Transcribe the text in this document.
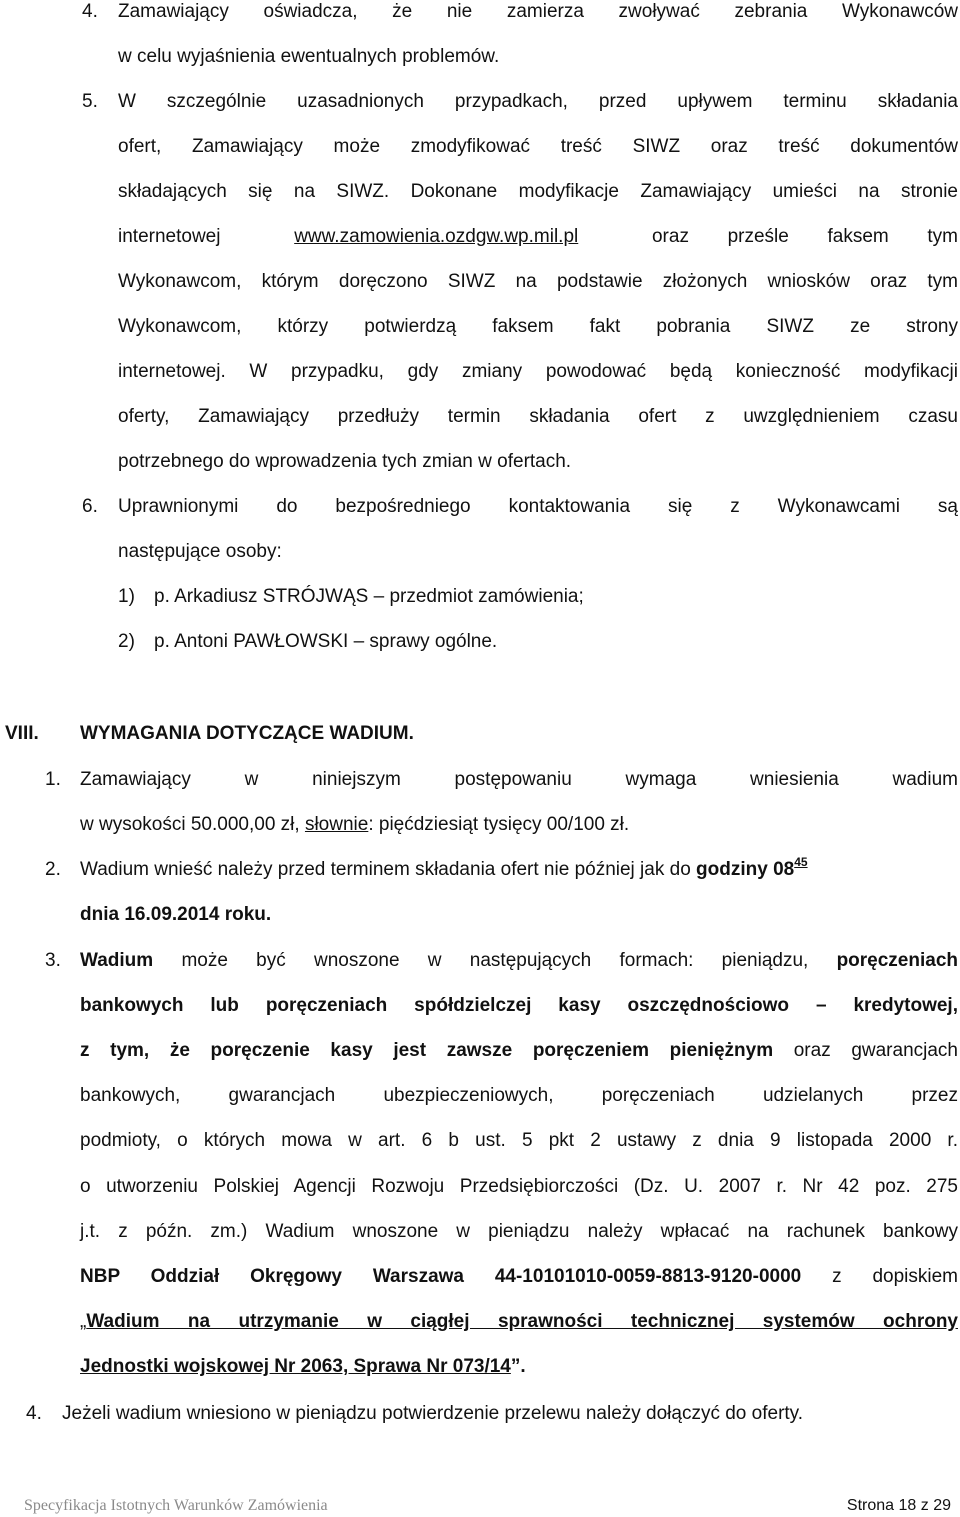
4. Zamawiający oświadcza, że nie zamierza zwoływać zebrania Wykonawców
w celu wyjaśnienia ewentualnych problemów.
5. W szczególnie uzasadnionych przypadkach, przed upływem terminu składania
ofert, Zamawiający może zmodyfikować treść SIWZ oraz treść dokumentów
składających się na SIWZ. Dokonane modyfikacje Zamawiający umieści na stronie
internetowej	www.zamowienia.ozdgw.wp.mil.pl	oraz prześle faksem tym
Wykonawcom, którym doręczono SIWZ na podstawie złożonych wniosków oraz tym
Wykonawcom, którzy potwierdzą faksem fakt pobrania SIWZ ze strony
internetowej. W przypadku, gdy zmiany powodować będą konieczność modyfikacji
oferty, Zamawiający przedłuży termin składania ofert z uwzględnieniem czasu
potrzebnego do wprowadzenia tych zmian w ofertach.
6. Uprawnionymi do bezpośredniego kontaktowania się z Wykonawcami są
następujące osoby:
1) p. Arkadiusz STRÓJWĄS – przedmiot zamówienia;
2) p. Antoni PAWŁOWSKI – sprawy ogólne.
VIII. WYMAGANIA DOTYCZĄCE WADIUM.
1. Zamawiający w niniejszym postępowaniu wymaga wniesienia wadium
w wysokości 50.000,00 zł, słownie: pięćdziesiąt tysięcy 00/100 zł.
2. Wadium wnieść należy przed terminem składania ofert nie później jak do godziny $08^{45}$
dnia 16.09.2014 roku.
3. Wadium może być wnoszone w następujących formach: pieniądzu, poręczeniach
bankowych lub poręczeniach spółdzielczej kasy oszczędnościowo – kredytowej,
z tym, że poręczenie kasy jest zawsze poręczeniem pieniężnym oraz gwarancjach
bankowych, gwarancjach ubezpieczeniowych, poręczeniach udzielanych przez
podmioty, o których mowa w art. 6 b ust. 5 pkt 2 ustawy z dnia 9 listopada 2000 r.
o utworzeniu Polskiej Agencji Rozwoju Przedsiębiorczości (Dz. U. 2007 r. Nr 42 poz. 275
j.t. z późn. zm.) Wadium wnoszone w pieniądzu należy wpłacać na rachunek bankowy
NBP Oddział Okręgowy Warszawa 44-10101010-0059-8813-9120-0000 z dopiskiem
„Wadium na utrzymanie w ciągłej sprawności technicznej systemów ochrony
Jednostki wojskowej Nr 2063, Sprawa Nr 073/14”.
4. Jeżeli wadium wniesiono w pieniądzu potwierdzenie przelewu należy dołączyć do oferty.
Specyfikacja Istotnych Warunków Zamówienia	Strona 18 z 29
